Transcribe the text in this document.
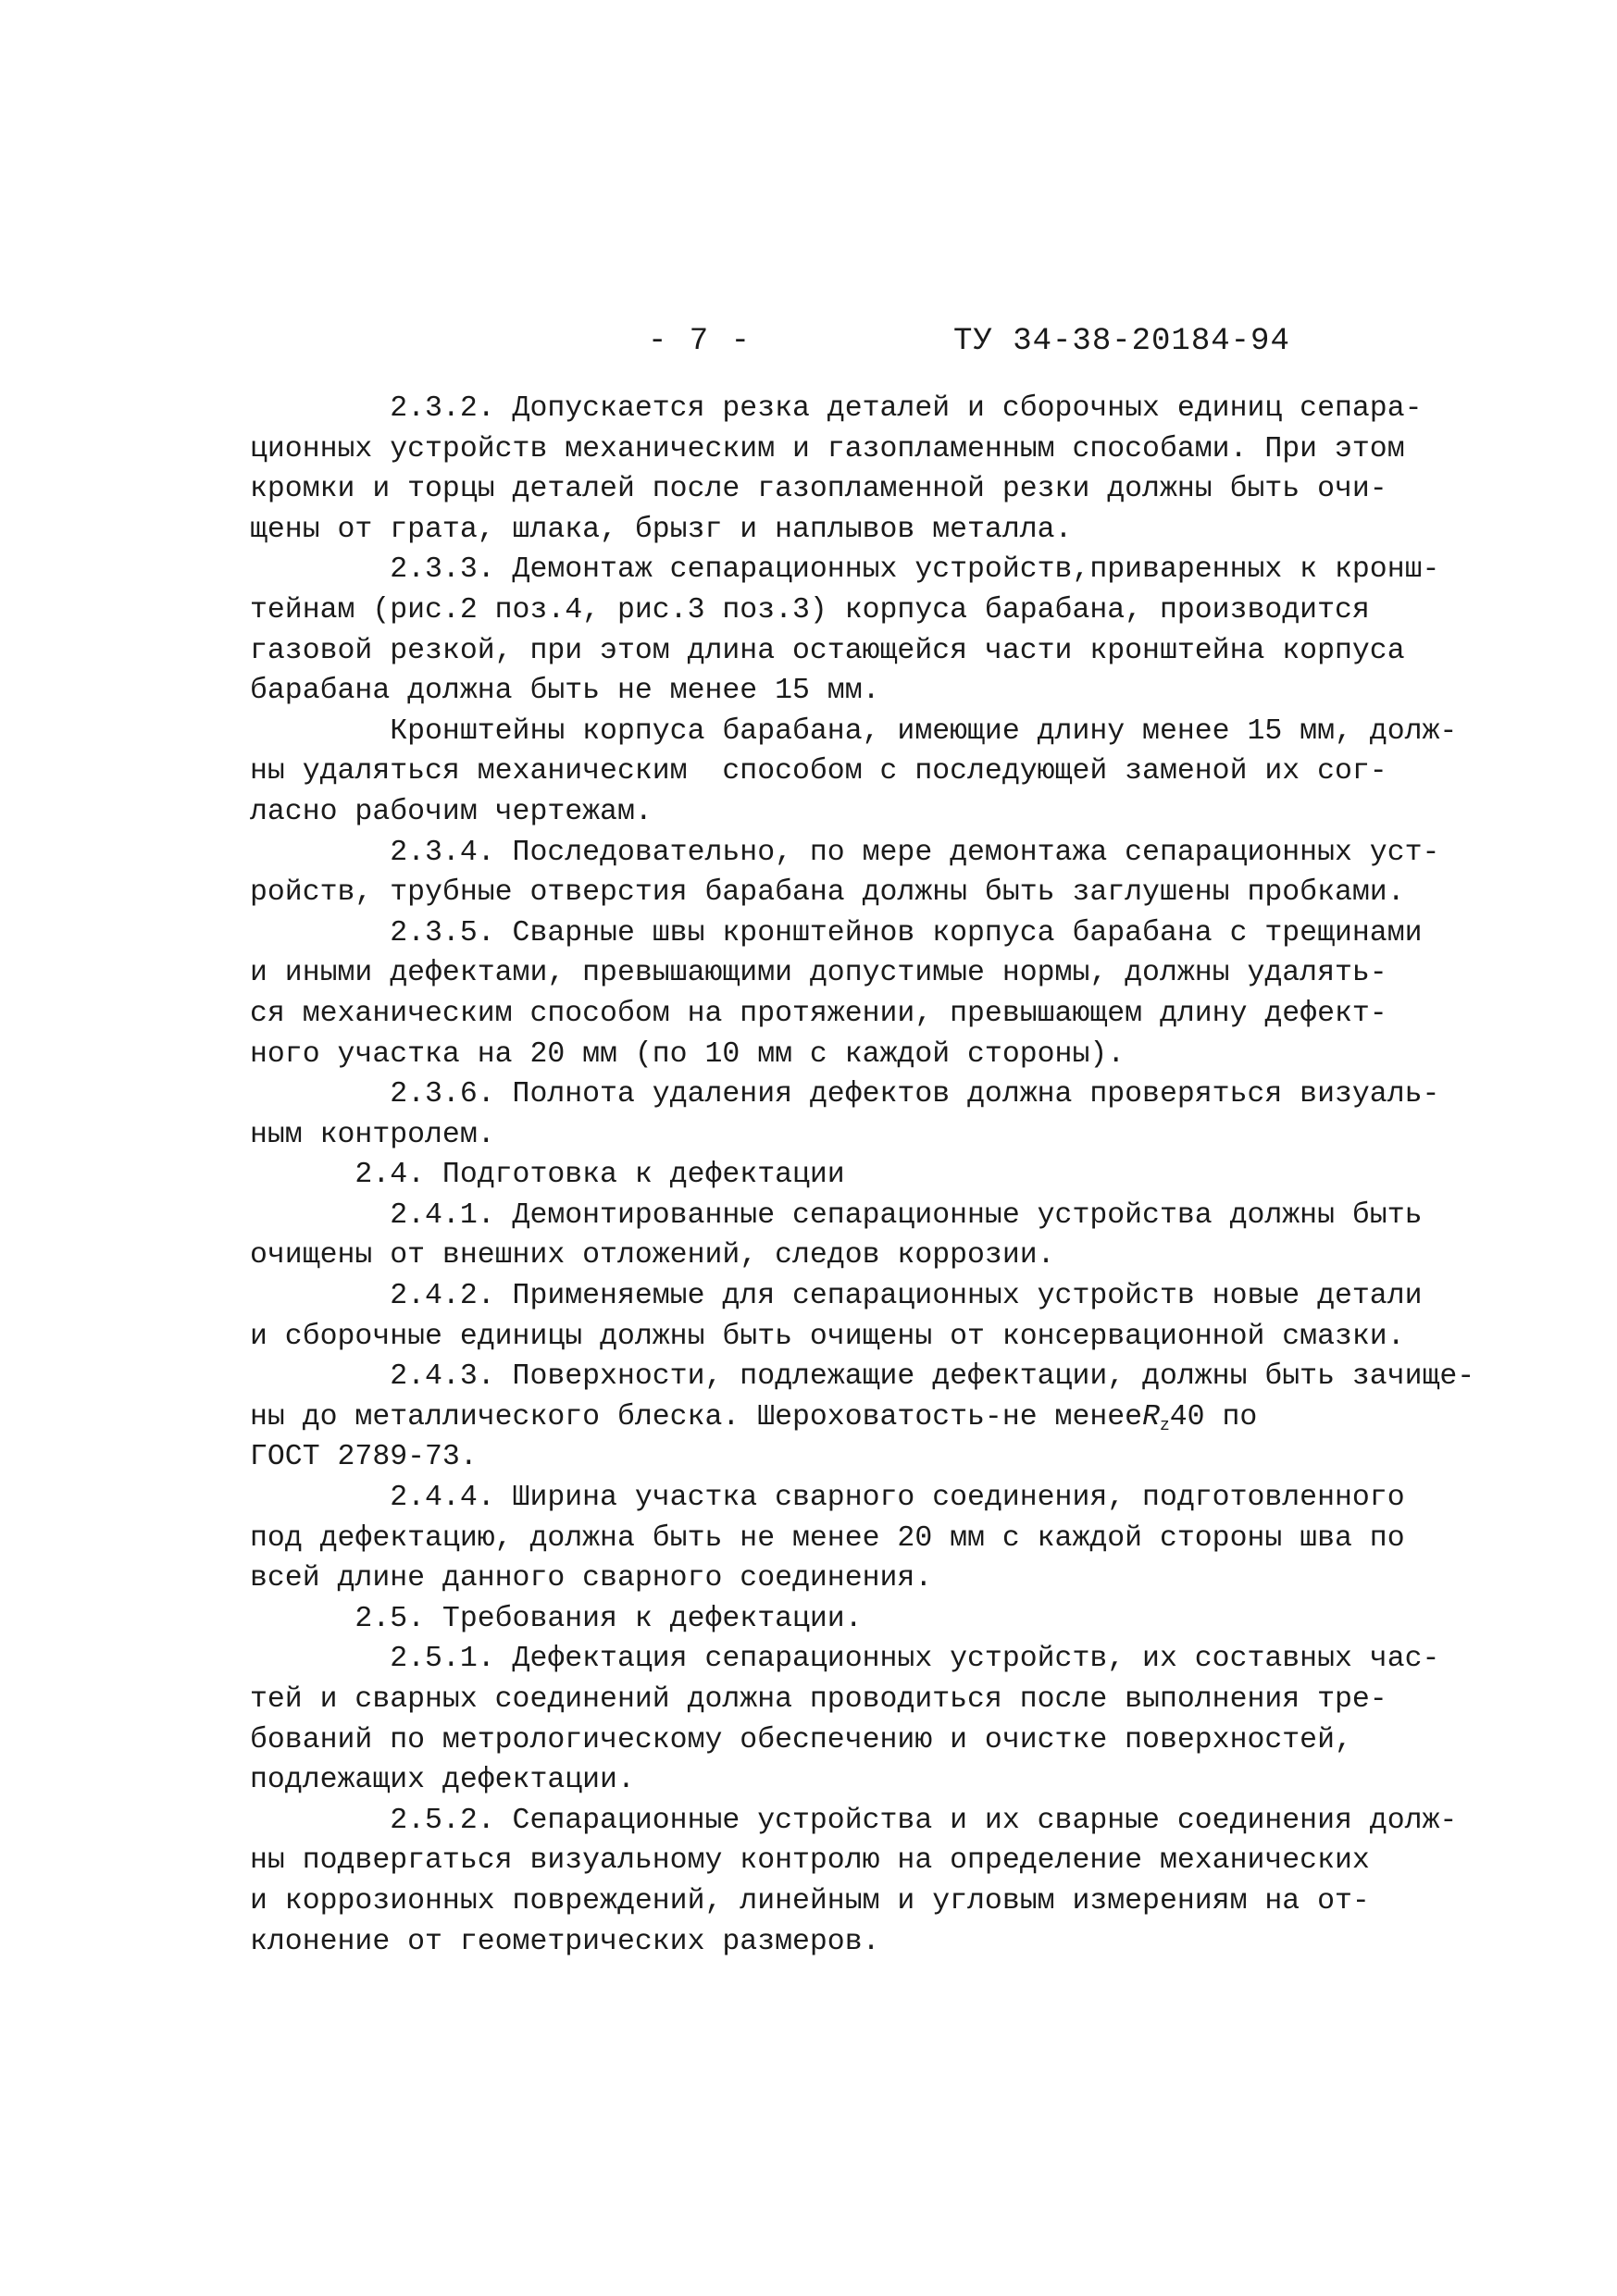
- 7 -	ТУ 34-38-20184-94
2.3.2. Допускается резка деталей и сборочных единиц сепара-
ционных устройств механическим и газопламенным способами. При этом
кромки и торцы деталей после газопламенной резки должны быть очи-
щены от грата, шлака, брызг и наплывов металла.
2.3.3. Демонтаж сепарационных устройств,приваренных к кронш-
тейнам (рис.2 поз.4, рис.3 поз.3) корпуса барабана, производится
газовой резкой, при этом длина остающейся части кронштейна корпуса
барабана должна быть не менее 15 мм.
Кронштейны корпуса барабана, имеющие длину менее 15 мм, долж-
ны удаляться механическим  способом с последующей заменой их сог-
ласно рабочим чертежам.
2.3.4. Последовательно, по мере демонтажа сепарационных уст-
ройств, трубные отверстия барабана должны быть заглушены пробками.
2.3.5. Сварные швы кронштейнов корпуса барабана с трещинами
и иными дефектами, превышающими допустимые нормы, должны удалять-
ся механическим способом на протяжении, превышающем длину дефект-
ного участка на 20 мм (по 10 мм с каждой стороны).
2.3.6. Полнота удаления дефектов должна проверяться визуаль-
ным контролем.
2.4. Подготовка к дефектации
2.4.1. Демонтированные сепарационные устройства должны быть
очищены от внешних отложений, следов коррозии.
2.4.2. Применяемые для сепарационных устройств новые детали
и сборочные единицы должны быть очищены от консервационной смазки.
2.4.3. Поверхности, подлежащие дефектации, должны быть зачище-
ны до металлического блеска. Шероховатость-не менееR$_z$40 по
ГОСТ 2789-73.
2.4.4. Ширина участка сварного соединения, подготовленного
под дефектацию, должна быть не менее 20 мм с каждой стороны шва по
всей длине данного сварного соединения.
2.5. Требования к дефектации.
2.5.1. Дефектация сепарационных устройств, их составных час-
тей и сварных соединений должна проводиться после выполнения тре-
бований по метрологическому обеспечению и очистке поверхностей,
подлежащих дефектации.
2.5.2. Сепарационные устройства и их сварные соединения долж-
ны подвергаться визуальному контролю на определение механических
и коррозионных повреждений, линейным и угловым измерениям на от-
клонение от геометрических размеров.
